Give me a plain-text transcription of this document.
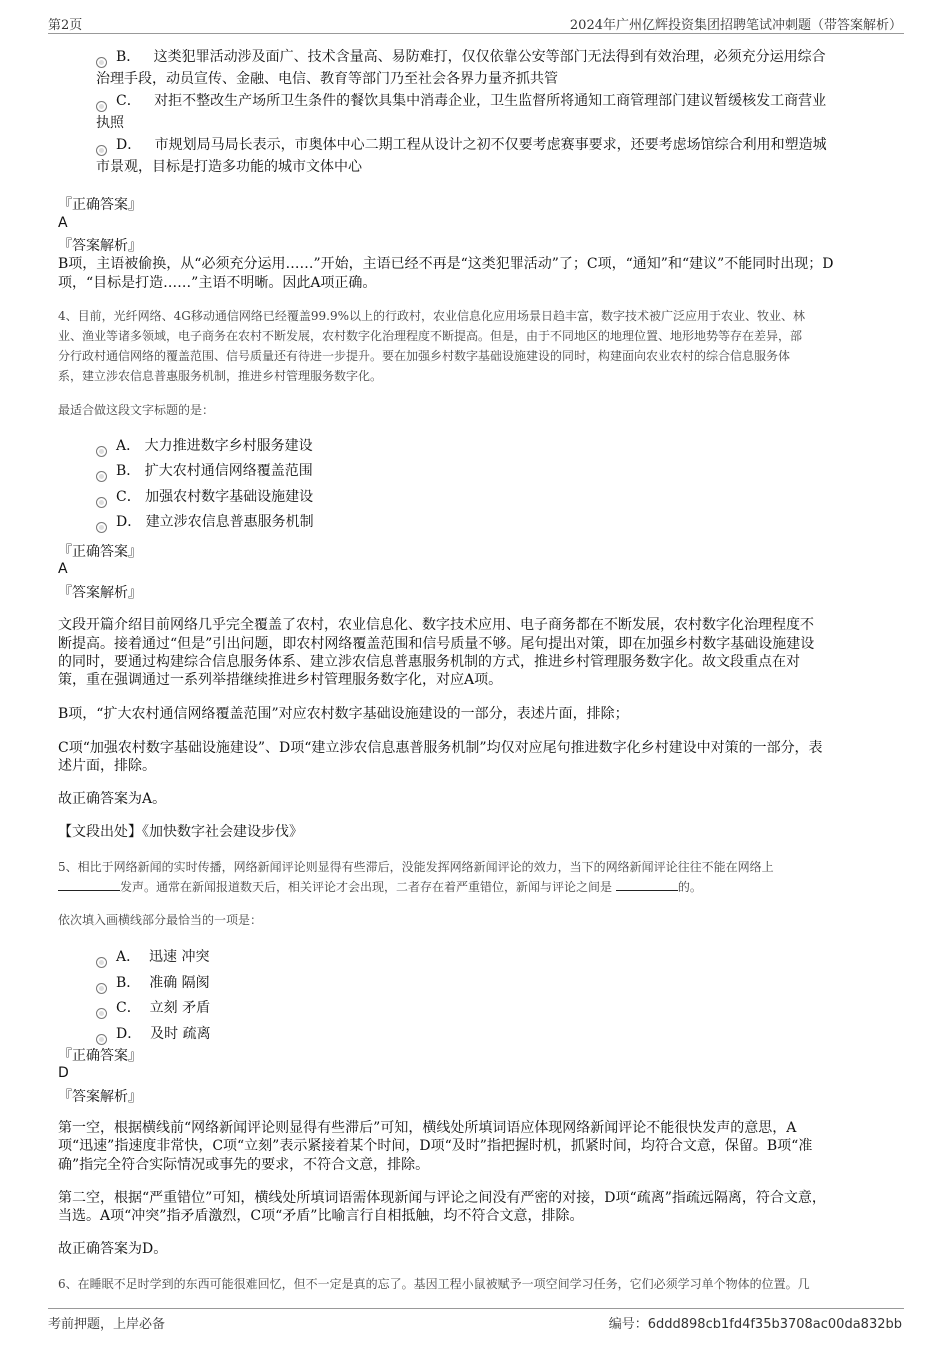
第2页	2024年广州亿辉投资集团招聘笔试冲刺题（带答案解析）
B． 这类犯罪活动涉及面广、技术含量高、易防难打，仅仅依靠公安等部门无法得到有效治理，必须充分运用综合
治理手段，动员宣传、金融、电信、教育等部门乃至社会各界力量齐抓共管
C． 对拒不整改生产场所卫生条件的餐饮具集中消毒企业，卫生监督所将通知工商管理部门建议暂缓核发工商营业
执照
D． 市规划局马局长表示，市奥体中心二期工程从设计之初不仅要考虑赛事要求，还要考虑场馆综合利用和塑造城
市景观，目标是打造多功能的城市文体中心
『正确答案』
A
『答案解析』
B项，主语被偷换，从“必须充分运用……”开始，主语已经不再是“这类犯罪活动”了；C项，“通知”和“建议”不能同时出现；D
项，“目标是打造……”主语不明晰。因此A项正确。
4、目前，光纤网络、4G移动通信网络已经覆盖99.9%以上的行政村，农业信息化应用场景日趋丰富，数字技术被广泛应用于农业、牧业、林
业、渔业等诸多领域，电子商务在农村不断发展，农村数字化治理程度不断提高。但是，由于不同地区的地理位置、地形地势等存在差异，部
分行政村通信网络的覆盖范围、信号质量还有待进一步提升。要在加强乡村数字基础设施建设的同时，构建面向农业农村的综合信息服务体
系，建立涉农信息普惠服务机制，推进乡村管理服务数字化。
最适合做这段文字标题的是：
A． 大力推进数字乡村服务建设
B． 扩大农村通信网络覆盖范围
C． 加强农村数字基础设施建设
D． 建立涉农信息普惠服务机制
『正确答案』
A
『答案解析』
文段开篇介绍目前网络几乎完全覆盖了农村，农业信息化、数字技术应用、电子商务都在不断发展，农村数字化治理程度不
断提高。接着通过“但是”引出问题，即农村网络覆盖范围和信号质量不够。尾句提出对策，即在加强乡村数字基础设施建设
的同时，要通过构建综合信息服务体系、建立涉农信息普惠服务机制的方式，推进乡村管理服务数字化。故文段重点在对
策，重在强调通过一系列举措继续推进乡村管理服务数字化，对应A项。
B项，“扩大农村通信网络覆盖范围”对应农村数字基础设施建设的一部分，表述片面，排除；
C项“加强农村数字基础设施建设”、D项“建立涉农信息惠普服务机制”均仅对应尾句推进数字化乡村建设中对策的一部分，表
述片面，排除。
故正确答案为A。
【文段出处】《加快数字社会建设步伐》
5、相比于网络新闻的实时传播，网络新闻评论则显得有些滞后，没能发挥网络新闻评论的效力，当下的网络新闻评论往往不能在网络上
发声。通常在新闻报道数天后，相关评论才会出现，二者存在着严重错位，新闻与评论之间是	的。
依次填入画横线部分最恰当的一项是：
A． 迅速 冲突
B． 准确 隔阂
C． 立刻 矛盾
D． 及时 疏离
『正确答案』
D
『答案解析』
第一空，根据横线前“网络新闻评论则显得有些滞后”可知，横线处所填词语应体现网络新闻评论不能很快发声的意思，A
项“迅速”指速度非常快，C项“立刻”表示紧接着某个时间，D项“及时”指把握时机，抓紧时间，均符合文意，保留。B项“准
确”指完全符合实际情况或事先的要求，不符合文意，排除。
第二空，根据“严重错位”可知，横线处所填词语需体现新闻与评论之间没有严密的对接，D项“疏离”指疏远隔离，符合文意，
当选。A项“冲突”指矛盾激烈，C项“矛盾”比喻言行自相抵触，均不符合文意，排除。
故正确答案为D。
6、在睡眠不足时学到的东西可能很难回忆，但不一定是真的忘了。基因工程小鼠被赋予一项空间学习任务，它们必须学习单个物体的位置。几
考前押题，上岸必备	编号：6ddd898cb1fd4f35b3708ac00da832bb
